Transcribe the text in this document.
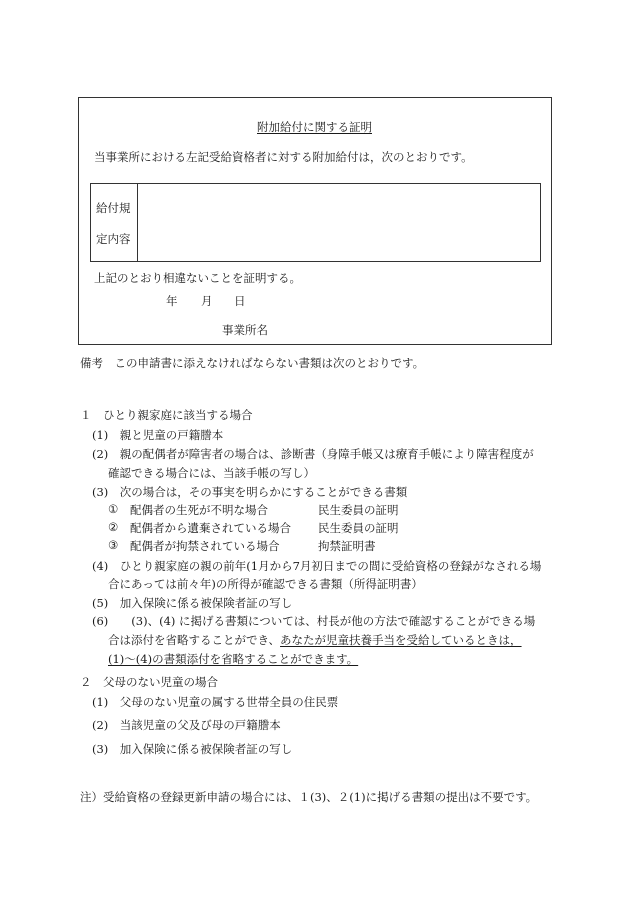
附加給付に関する証明
当事業所における左記受給資格者に対する附加給付は，次のとおりです。
給付規
定内容
上記のとおり相違ないことを証明する。
年 月 日
事業所名
備考　この申請書に添えなければならない書類は次のとおりです。
１　ひとり親家庭に該当する場合
(1)　親と児童の戸籍謄本
(2)　親の配偶者が障害者の場合は、診断書（身障手帳又は療育手帳により障害程度が
確認できる場合には、当該手帳の写し）
(3)　次の場合は，その事実を明らかにすることができる書類
① 配偶者の生死が不明な場合	民生委員の証明
② 配偶者から遺棄されている場合 民生委員の証明
③ 配偶者が拘禁されている場合	拘禁証明書
(4)　ひとり親家庭の親の前年(1月から7月初日までの間に受給資格の登録がなされる場
合にあっては前々年)の所得が確認できる書類（所得証明書）
(5)　加入保険に係る被保険者証の写し
(6)　　(3)、(4) に掲げる書類については、村長が他の方法で確認することができる場
合は添付を省略することができ、あなたが児童扶養手当を受給しているときは，
(1)～(4)の書類添付を省略することができます。
２　父母のない児童の場合
(1)　父母のない児童の属する世帯全員の住民票
(2)　当該児童の父及び母の戸籍謄本
(3)　加入保険に係る被保険者証の写し
注）受給資格の登録更新申請の場合には、１(3)、２(1)に掲げる書類の提出は不要です。
